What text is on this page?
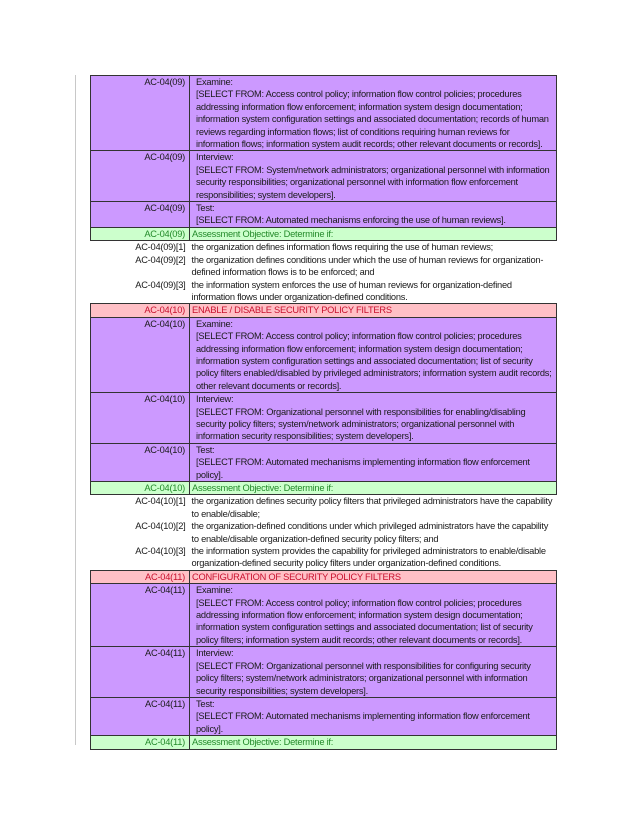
AC-04(09)	Examine:
[SELECT FROM: Access control policy; information flow control policies; procedures addressing information flow enforcement; information system design documentation; information system configuration settings and associated documentation; records of human reviews regarding information flows; list of conditions requiring human reviews for information flows; information system audit records; other relevant documents or records].

AC-04(09)	Interview:
[SELECT FROM: System/network administrators; organizational personnel with information security responsibilities; organizational personnel with information flow enforcement responsibilities; system developers].

AC-04(09)	Test:
[SELECT FROM: Automated mechanisms enforcing the use of human reviews].

AC-04(09)	Assessment Objective: Determine if:
AC-04(09)[1]	the organization defines information flows requiring the use of human reviews;
AC-04(09)[2]	the organization defines conditions under which the use of human reviews for organization-defined information flows is to be enforced; and
AC-04(09)[3]	the information system enforces the use of human reviews for organization-defined information flows under organization-defined conditions.
AC-04(10)	ENABLE / DISABLE SECURITY POLICY FILTERS
AC-04(10)	Examine:
[SELECT FROM: Access control policy; information flow control policies; procedures addressing information flow enforcement; information system design documentation; information system configuration settings and associated documentation; list of security policy filters enabled/disabled by privileged administrators; information system audit records; other relevant documents or records].

AC-04(10)	Interview:
[SELECT FROM: Organizational personnel with responsibilities for enabling/disabling security policy filters; system/network administrators; organizational personnel with information security responsibilities; system developers].

AC-04(10)	Test:
[SELECT FROM: Automated mechanisms implementing information flow enforcement policy].

AC-04(10)	Assessment Objective: Determine if:
AC-04(10)[1]	the organization defines security policy filters that privileged administrators have the capability to enable/disable;
AC-04(10)[2]	the organization-defined conditions under which privileged administrators have the capability to enable/disable organization-defined security policy filters; and
AC-04(10)[3]	the information system provides the capability for privileged administrators to enable/disable organization-defined security policy filters under organization-defined conditions.
AC-04(11)	CONFIGURATION OF SECURITY POLICY FILTERS
AC-04(11)	Examine:
[SELECT FROM: Access control policy; information flow control policies; procedures addressing information flow enforcement; information system design documentation; information system configuration settings and associated documentation; list of security policy filters; information system audit records; other relevant documents or records].

AC-04(11)	Interview:
[SELECT FROM: Organizational personnel with responsibilities for configuring security policy filters; system/network administrators; organizational personnel with information security responsibilities; system developers].

AC-04(11)	Test:
[SELECT FROM: Automated mechanisms implementing information flow enforcement policy].

AC-04(11)	Assessment Objective: Determine if:
